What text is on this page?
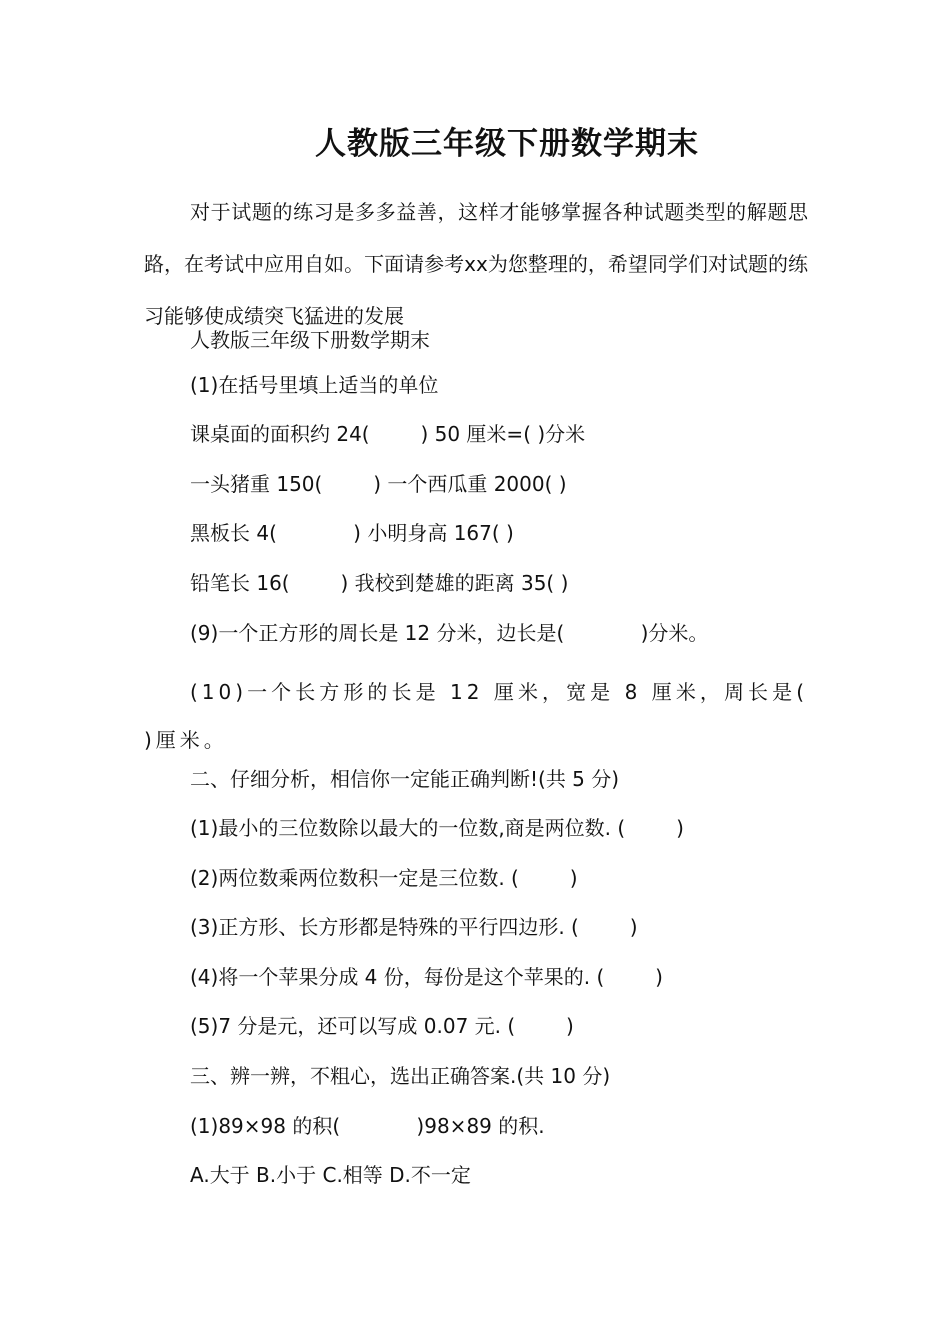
人教版三年级下册数学期末

对于试题的练习是多多益善，这样才能够掌握各种试题类型的解题思路，在考试中应用自如。下面请参考xx为您整理的，希望同学们对试题的练习能够使成绩突飞猛进的发展

人教版三年级下册数学期末

(1)在括号里填上适当的单位

课桌面的面积约 24(        ) 50 厘米=( )分米

一头猪重 150(        ) 一个西瓜重 2000( )

黑板长 4(            ) 小明身高 167( )

铅笔长 16(        ) 我校到楚雄的距离 35( )

(9)一个正方形的周长是 12 分米，边长是(            )分米。

(10)一个长方形的长是 12 厘米，宽是 8 厘米，周长是( )厘米。

二、仔细分析，相信你一定能正确判断!(共 5 分)

(1)最小的三位数除以最大的一位数,商是两位数. (        )

(2)两位数乘两位数积一定是三位数. (        )

(3)正方形、长方形都是特殊的平行四边形. (        )

(4)将一个苹果分成 4 份，每份是这个苹果的. (        )

(5)7 分是元，还可以写成 0.07 元. (        )

三、辨一辨，不粗心，选出正确答案.(共 10 分)

(1)89×98 的积(            )98×89 的积.

A.大于 B.小于 C.相等 D.不一定
